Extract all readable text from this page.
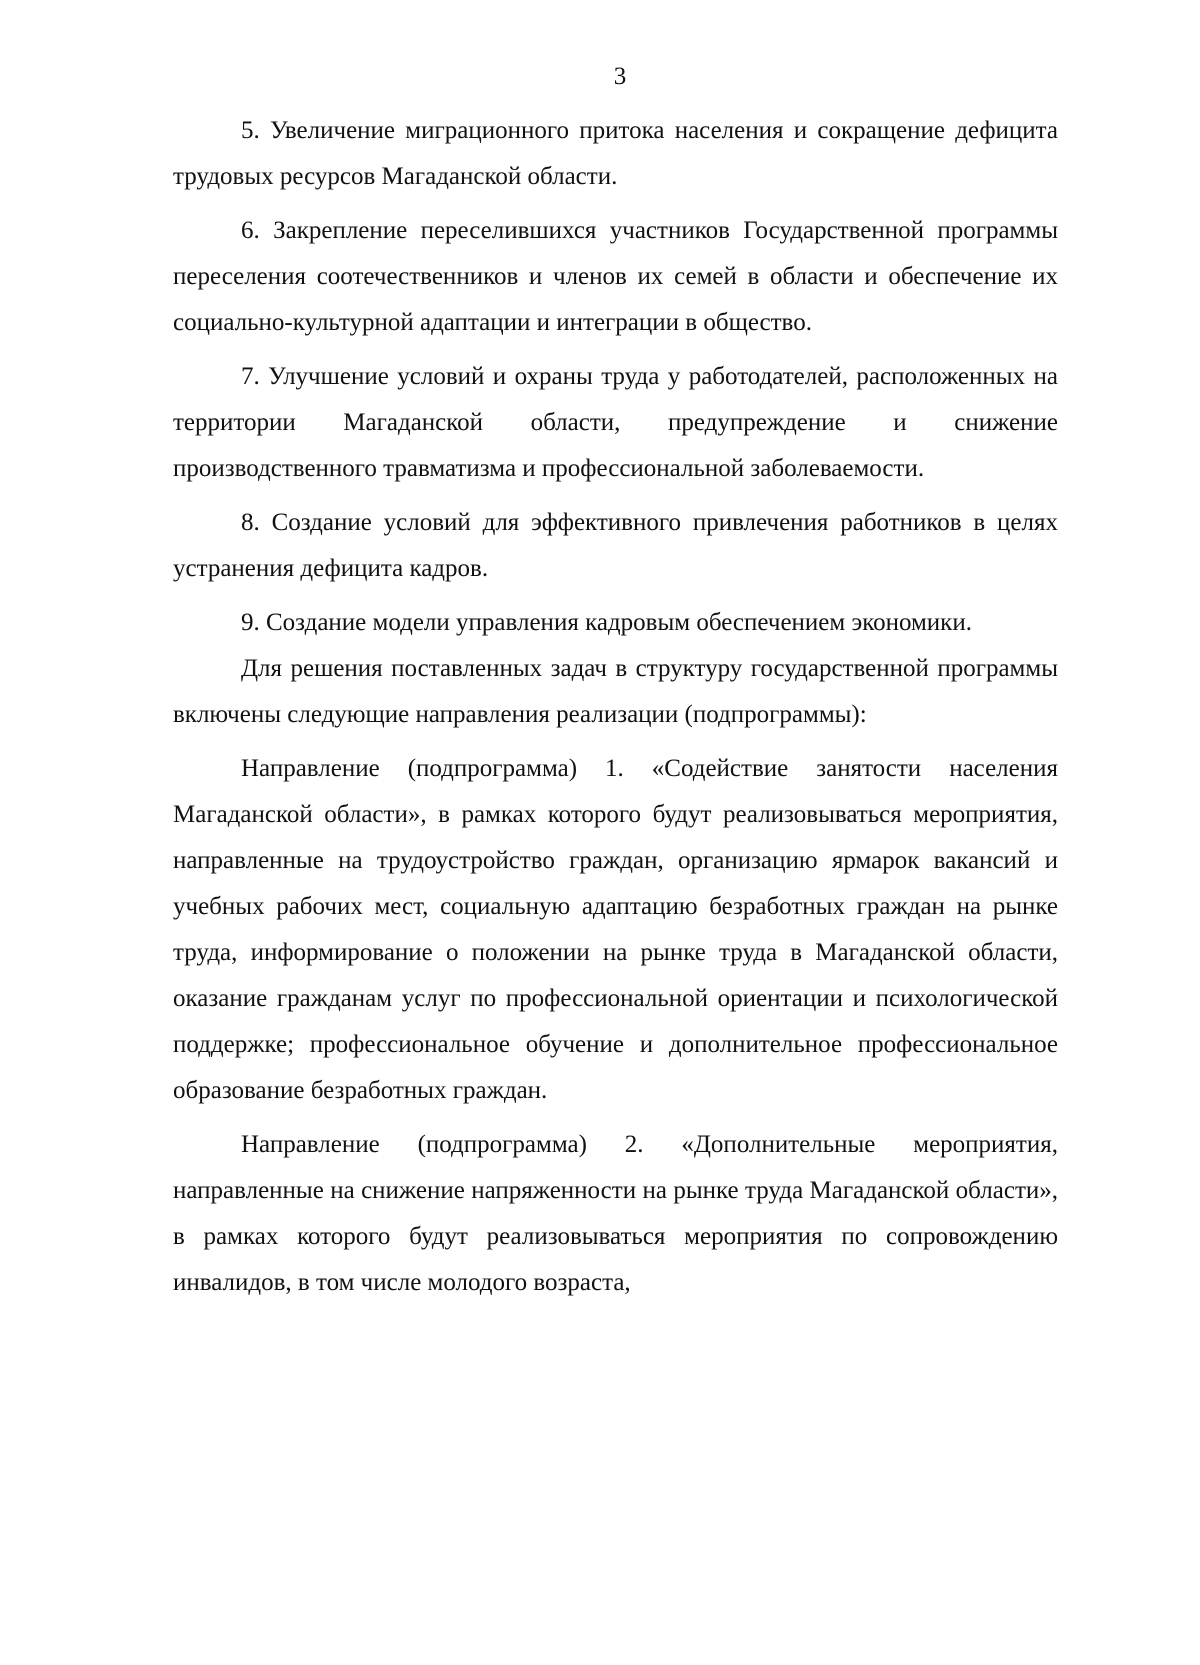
3

5. Увеличение миграционного притока населения и сокращение дефицита трудовых ресурсов Магаданской области.

6. Закрепление переселившихся участников Государственной программы переселения соотечественников и членов их семей в области и обеспечение их социально-культурной адаптации и интеграции в общество.

7. Улучшение условий и охраны труда у работодателей, расположенных на территории Магаданской области, предупреждение и снижение производственного травматизма и профессиональной заболеваемости.

8. Создание условий для эффективного привлечения работников в целях устранения дефицита кадров.

9. Создание модели управления кадровым обеспечением экономики.

Для решения поставленных задач в структуру государственной программы включены следующие направления реализации (подпрограммы):

Направление (подпрограмма) 1. «Содействие занятости населения Магаданской области», в рамках которого будут реализовываться мероприятия, направленные на трудоустройство граждан, организацию ярмарок вакансий и учебных рабочих мест, социальную адаптацию безработных граждан на рынке труда, информирование о положении на рынке труда в Магаданской области, оказание гражданам услуг по профессиональной ориентации и психологической поддержке; профессиональное обучение и дополнительное профессиональное образование безработных граждан.

Направление (подпрограмма) 2. «Дополнительные мероприятия, направленные на снижение напряженности на рынке труда Магаданской области», в рамках которого будут реализовываться мероприятия по сопровождению инвалидов, в том числе молодого возраста,
